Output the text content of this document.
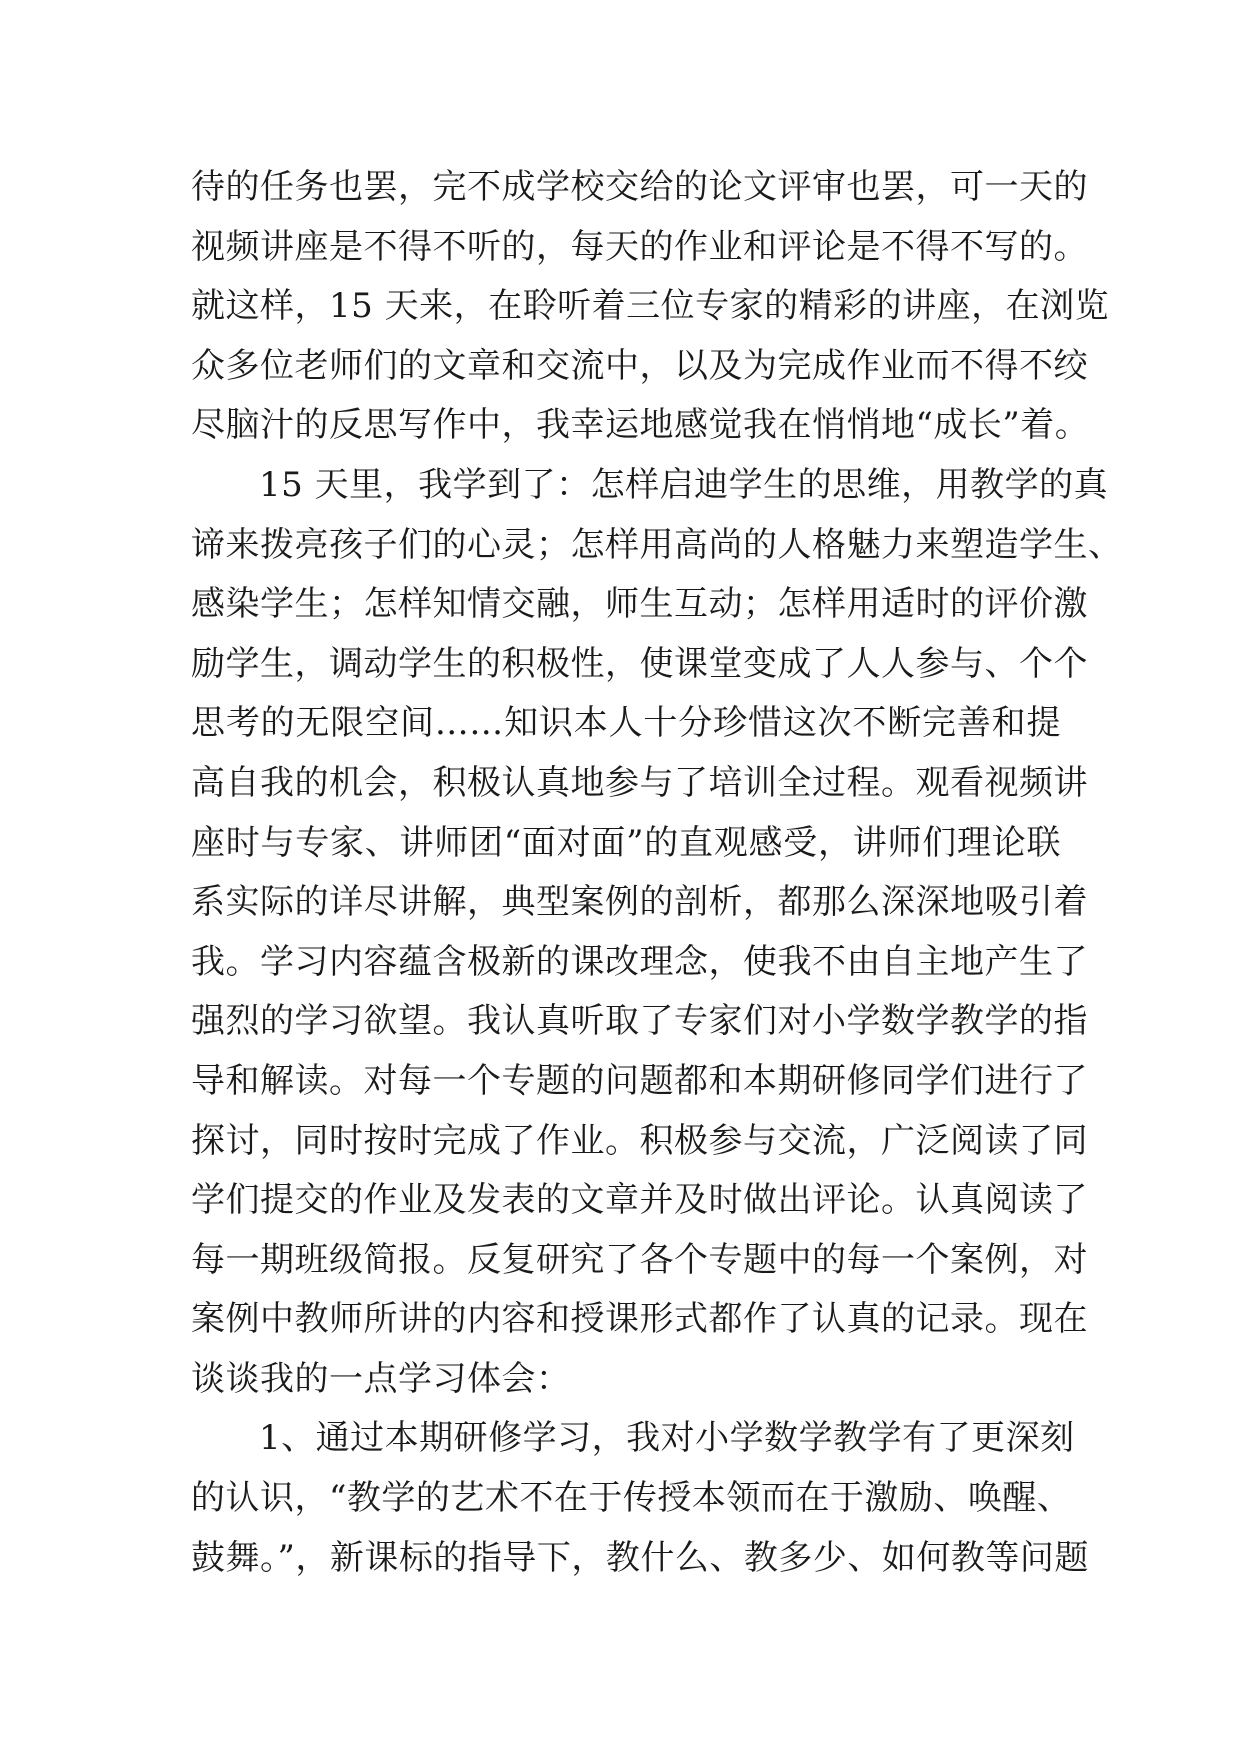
待的任务也罢，完不成学校交给的论文评审也罢，可一天的
视频讲座是不得不听的，每天的作业和评论是不得不写的。
就这样，15 天来，在聆听着三位专家的精彩的讲座，在浏览
众多位老师们的文章和交流中，以及为完成作业而不得不绞
尽脑汁的反思写作中，我幸运地感觉我在悄悄地“成长”着。
15 天里，我学到了：怎样启迪学生的思维，用教学的真
谛来拨亮孩子们的心灵；怎样用高尚的人格魅力来塑造学生、
感染学生；怎样知情交融，师生互动；怎样用适时的评价激
励学生，调动学生的积极性，使课堂变成了人人参与、个个
思考的无限空间……知识本人十分珍惜这次不断完善和提
高自我的机会，积极认真地参与了培训全过程。观看视频讲
座时与专家、讲师团“面对面”的直观感受，讲师们理论联
系实际的详尽讲解，典型案例的剖析，都那么深深地吸引着
我。学习内容蕴含极新的课改理念，使我不由自主地产生了
强烈的学习欲望。我认真听取了专家们对小学数学教学的指
导和解读。对每一个专题的问题都和本期研修同学们进行了
探讨，同时按时完成了作业。积极参与交流，广泛阅读了同
学们提交的作业及发表的文章并及时做出评论。认真阅读了
每一期班级简报。反复研究了各个专题中的每一个案例，对
案例中教师所讲的内容和授课形式都作了认真的记录。现在
谈谈我的一点学习体会：
1、通过本期研修学习，我对小学数学教学有了更深刻
的认识，“教学的艺术不在于传授本领而在于激励、唤醒、
鼓舞。”，新课标的指导下，教什么、教多少、如何教等问题
